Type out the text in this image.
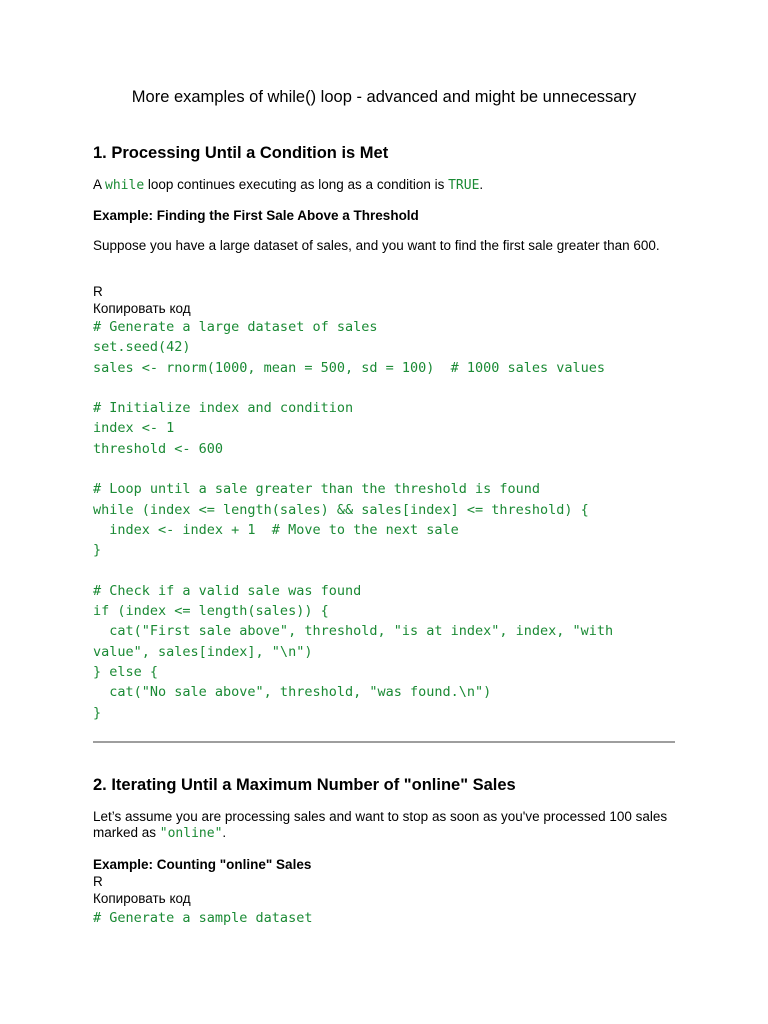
More examples of while() loop - advanced and might be unnecessary
1. Processing Until a Condition is Met
A while loop continues executing as long as a condition is TRUE.
Example: Finding the First Sale Above a Threshold
Suppose you have a large dataset of sales, and you want to find the first sale greater than 600.
R
Копировать код
# Generate a large dataset of sales
set.seed(42)
sales <- rnorm(1000, mean = 500, sd = 100)  # 1000 sales values

# Initialize index and condition
index <- 1
threshold <- 600

# Loop until a sale greater than the threshold is found
while (index <= length(sales) && sales[index] <= threshold) {
index <- index + 1  # Move to the next sale
}

# Check if a valid sale was found
if (index <= length(sales)) {
cat("First sale above", threshold, "is at index", index, "with
value", sales[index], "\n")
} else {
cat("No sale above", threshold, "was found.\n")
}
2. Iterating Until a Maximum Number of "online" Sales
Let’s assume you are processing sales and want to stop as soon as you've processed 100 sales marked as "online".
Example: Counting "online" Sales
R
Копировать код
# Generate a sample dataset
